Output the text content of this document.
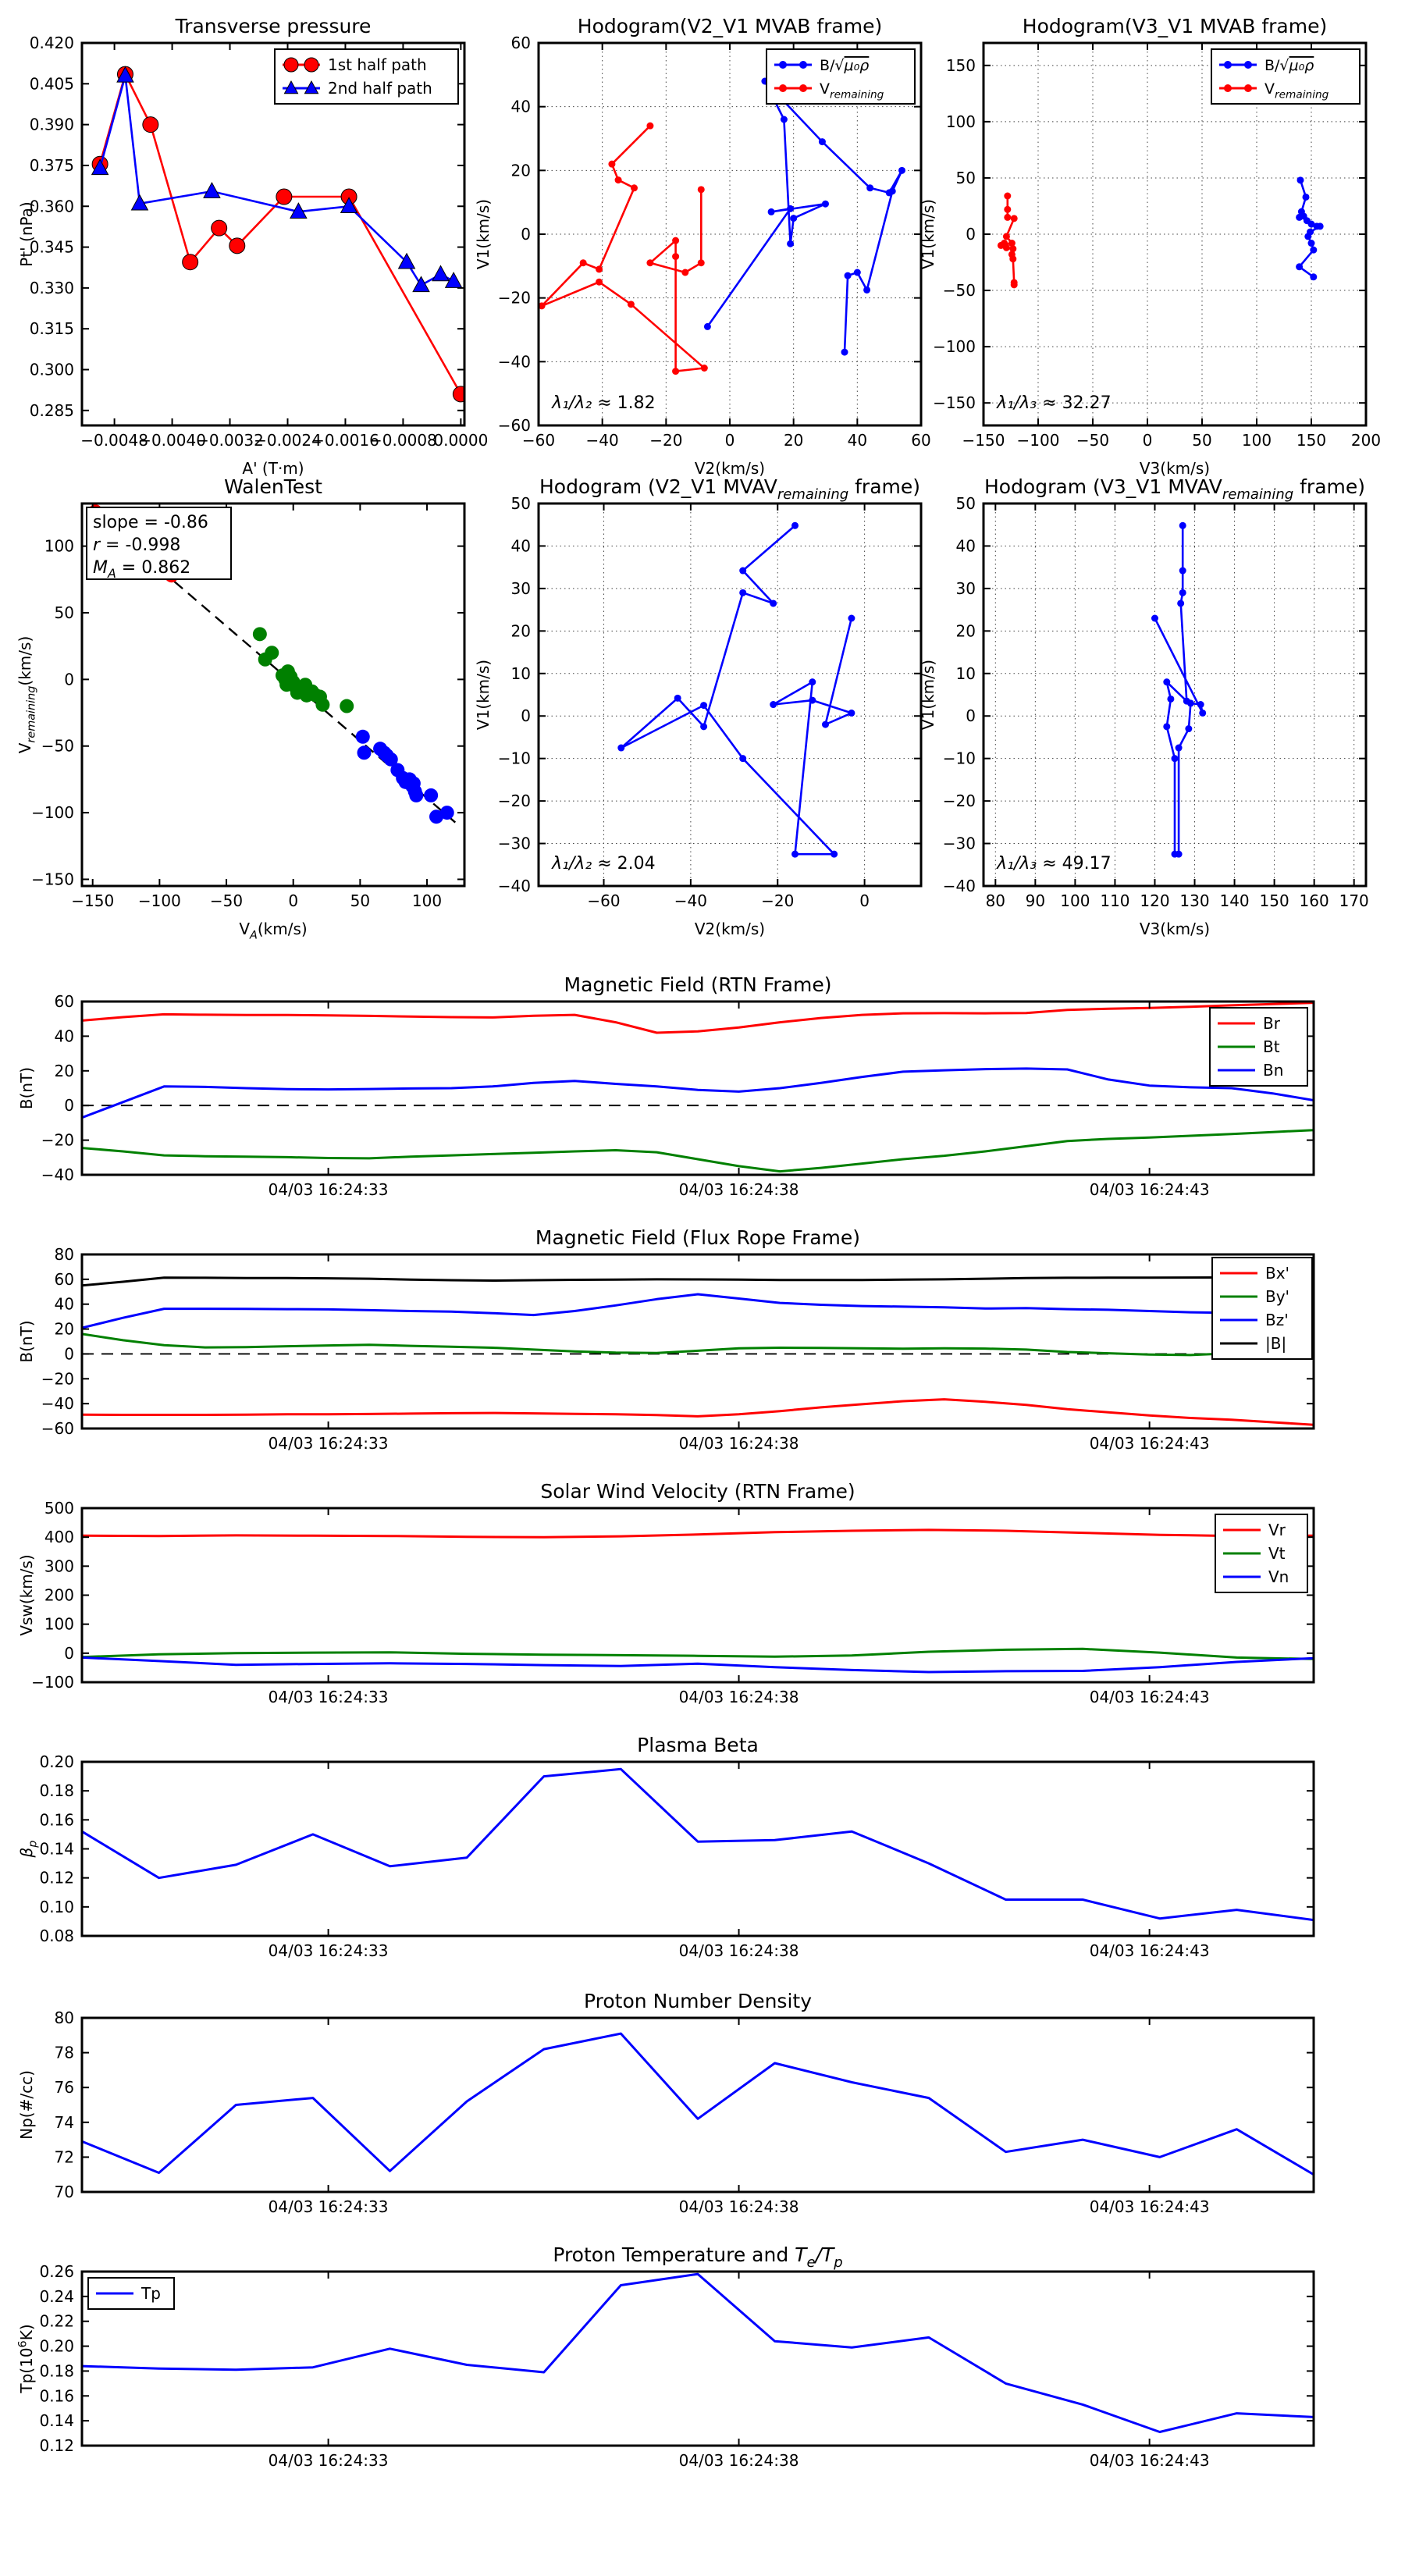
−0.0048
−0.0040
−0.0032
−0.0024
−0.0016
−0.0008
0.0000
0.285
0.300
0.315
0.330
0.345
0.360
0.375
0.390
0.405
0.420
Transverse pressure
A' (T·m)
Pt' (nPa)
1st half path
2nd half path
−60 −40 −20	0	20	40	60
−60
−40
−20
0
20
40
60
Hodogram(V2_V1 MVAB frame)
V2(km/s)
V1(km/s)
λ₁/λ₂ ≈ 1.82
B/√μ₀ρ
$V_{remaining}$
−150 −100 −50 0	50 100 150 200
−150
−100
−50
0
50
100
150
Hodogram(V3_V1 MVAB frame)
V3(km/s)
V1(km/s)
λ₁/λ₃ ≈ 32.27
B/√μ₀ρ
$V_{remaining}$
−150 −100 −50	0	50	100
−150
−100
−50
0
50
100
WalenTest
$V_A(km/s)$
$V_{remaining}(km/s)$
slope = -0.86
r = -0.998
$M_A = 0.862$
−60	−40	−20	0
−40
−30
−20
−10
0
10
20
30
40
50
Hodogram (V2_V1 $MVAV_{remaining}$ frame)
V2(km/s)
V1(km/s)
λ₁/λ₂ ≈ 2.04
80 90 100 110 120 130 140 150 160 170
−40
−30
−20
−10
0
10
20
30
40
50
Hodogram (V3_V1 $MVAV_{remaining}$ frame)
V3(km/s)
V1(km/s)
λ₁/λ₃ ≈ 49.17
04/03 16:24:33	04/03 16:24:38	04/03 16:24:43
−40
−20
0
20
40
60
Magnetic Field (RTN Frame)
B(nT)
Br
Bt
Bn
04/03 16:24:33	04/03 16:24:38	04/03 16:24:43
−60
−40
−20
0
20
40
60
80
Magnetic Field (Flux Rope Frame)
B(nT)
Bx'
By'
Bz'
|B|
04/03 16:24:33	04/03 16:24:38	04/03 16:24:43
−100
0
100
200
300
400
500
Solar Wind Velocity (RTN Frame)
Vsw(km/s)
Vr
Vt
Vn
04/03 16:24:33	04/03 16:24:38	04/03 16:24:43
0.08
0.10
0.12
0.14
0.16
0.18
0.20
Plasma Beta
$\beta_p$
04/03 16:24:33	04/03 16:24:38	04/03 16:24:43
70
72
74
76
78
80
Proton Number Density
Np(#/cc)
04/03 16:24:33	04/03 16:24:38	04/03 16:24:43
0.12
0.14
0.16
0.18
0.20
0.22
0.24
0.26
Proton Temperature and $T_e/T_p$
$Tp(10^6K)$
Tp
